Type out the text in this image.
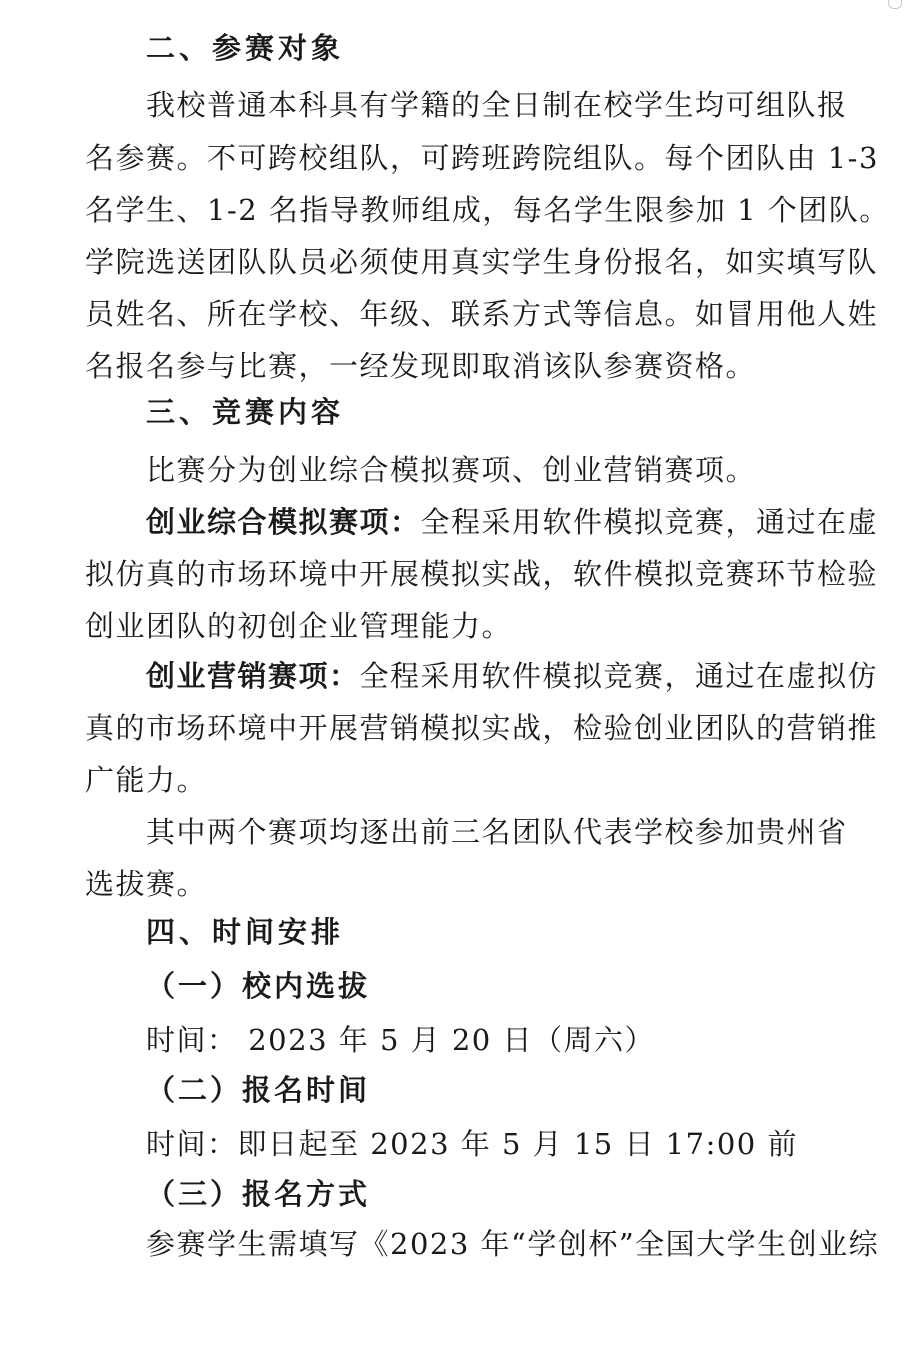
二、参赛对象
我校普通本科具有学籍的全日制在校学生均可组队报
名参赛。不可跨校组队，可跨班跨院组队。每个团队由 1-3
名学生、1-2 名指导教师组成，每名学生限参加 1 个团队。
学院选送团队队员必须使用真实学生身份报名，如实填写队
员姓名、所在学校、年级、联系方式等信息。如冒用他人姓
名报名参与比赛，一经发现即取消该队参赛资格。
三、竞赛内容
比赛分为创业综合模拟赛项、创业营销赛项。
创业综合模拟赛项：全程采用软件模拟竞赛，通过在虚
拟仿真的市场环境中开展模拟实战，软件模拟竞赛环节检验
创业团队的初创企业管理能力。
创业营销赛项：全程采用软件模拟竞赛，通过在虚拟仿
真的市场环境中开展营销模拟实战，检验创业团队的营销推
广能力。
其中两个赛项均逐出前三名团队代表学校参加贵州省
选拔赛。
四、时间安排
（一）校内选拔
时间： 2023 年 5 月 20 日（周六）
（二）报名时间
时间：即日起至 2023 年 5 月 15 日 17:00 前
（三）报名方式
参赛学生需填写《2023 年“学创杯”全国大学生创业综
